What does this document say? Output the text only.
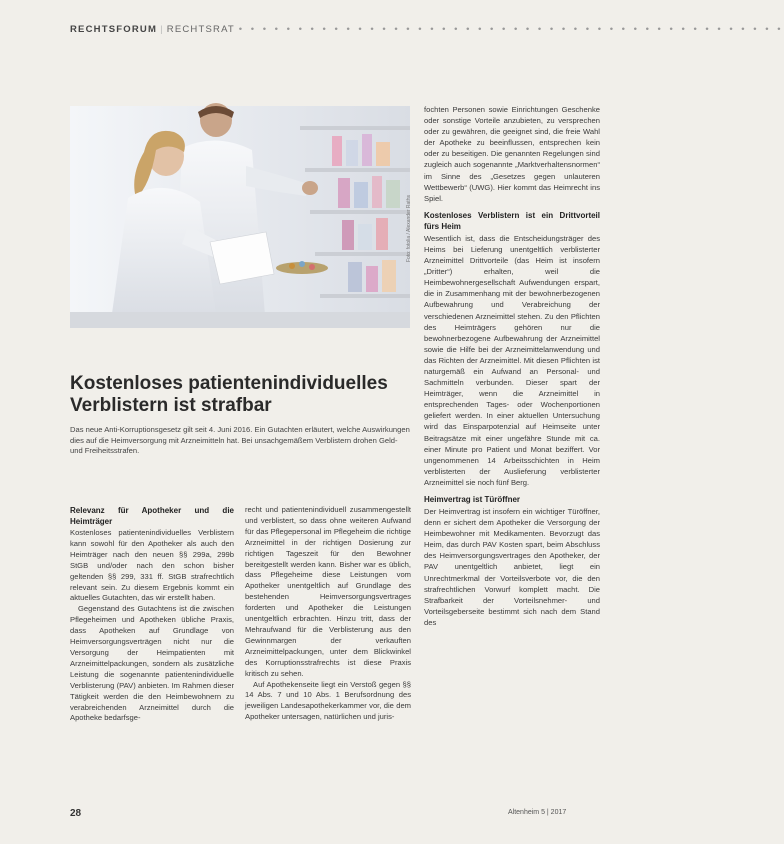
RECHTSFORUM | RECHTSRAT • • • • • • • • • • • • • • • • • • • • • • • • • • • • • • • • • • • • • • • • • • • • • •
Foto: fotolia / Alexander Raths

fochten Personen sowie Einrichtungen Geschenke oder sonstige Vorteile anzubieten, zu versprechen oder zu gewähren, die geeignet sind, die freie Wahl der Apotheke zu beeinflussen, entsprechen kein oder zu beseitigen. Die genannten Regelungen sind zugleich auch sogenannte „Marktverhaltensnormen“ im Sinne des „Gesetzes gegen unlauteren Wettbewerb“ (UWG). Hier kommt das Heimrecht ins Spiel.

Kostenloses Verblistern ist ein Drittvorteil fürs Heim

Wesentlich ist, dass die Entscheidungsträger des Heims bei Lieferung unentgeltlich verblisterter Arzneimittel Drittvorteile (das Heim ist insofern „Dritter“) erhalten, weil die Heimbewohnergesellschaft Aufwendungen erspart, die in Zusammenhang mit der bewohnerbezogenen Aufbewahrung und Verabreichung der verschiedenen Arzneimittel stehen. Zu den Pflichten des Heimträgers gehören nur die bewohnerbezogene Aufbewahrung der Arzneimittel sowie die Hilfe bei der Arzneimittelanwendung und das Richten der Arzneimittel. Mit diesen Pflichten ist naturgemäß ein Aufwand an Personal- und Sachmitteln verbunden. Dieser spart der Heimträger, wenn die Arzneimittel in entsprechenden Tages- oder Wochenportionen geliefert werden. In einer aktuellen Untersuchung wird das Einsparpotenzial auf Heimseite unter Beitragsätze mit einer ungefähre Stunde mit ca. einer Minute pro Patient und Monat beziffert. Vor ungenommenen 14 Arbeitsschichten in Heim verblisterten der Auslieferung verblisterter Arzneimittel sie noch fünf Berg.

Heimvertrag ist Türöffner

Der Heimvertrag ist insofern ein wichtiger Türöffner, denn er sichert dem Apotheker die Versorgung der Heimbewohner mit Medikamenten. Bevorzugt das Heim, das durch PAV Kosten spart, beim Abschluss des Heimversorgungsvertrages den Apotheker, der PAV unentgeltlich anbietet, liegt ein Unrechtmerkmal der Vorteilsverbote vor, die den strafrechtlichen Vorwurf komplett macht. Die Strafbarkeit der Vorteilsnehmer- und Vorteilsgeberseite bestimmt sich nach dem Stand des

Kostenloses patientenindividuelles Verblistern ist strafbar

Das neue Anti-Korruptionsgesetz gilt seit 4. Juni 2016. Ein Gutachten erläutert, welche Auswirkungen dies auf die Heimversorgung mit Arzneimitteln hat. Bei unsachgemäßem Verblistern drohen Geld- und Freiheitsstrafen.

Relevanz für Apotheker und die Heimträger

Kostenloses patientenindividuelles Verblistern kann sowohl für den Apotheker als auch den Heimträger nach den neuen §§ 299a, 299b StGB und/oder nach den schon bisher geltenden §§ 299, 331 ff. StGB strafrechtlich relevant sein. Zu diesem Ergebnis kommt ein aktuelles Gutachten, das wir erstellt haben.

Gegenstand des Gutachtens ist die zwischen Pflegeheimen und Apotheken übliche Praxis, dass Apotheken auf Grundlage von Heimversorgungsverträgen nicht nur die Versorgung der Heimpatienten mit Arzneimittelpackungen, sondern als zusätzliche Leistung die sogenannte patientenindividuelle Verblisterung (PAV) anbieten. Im Rahmen dieser Tätigkeit werden die den Heimbewohnern zu verabreichenden Arzneimittel durch die Apotheke bedarfsge-

recht und patientenindividuell zusammengestellt und verblistert, so dass ohne weiteren Aufwand für das Pflegepersonal im Pflegeheim die richtige Arzneimittel in der richtigen Dosierung zur richtigen Tageszeit für den Bewohner bereitgestellt werden kann. Bisher war es üblich, dass Pflegeheime diese Leistungen vom Apotheker unentgeltlich auf Grundlage des bestehenden Heimversorgungsvertrages forderten und Apotheker die Leistungen unentgeltlich erbrachten. Hinzu tritt, dass der Mehraufwand für die Verblisterung aus den Gewinnmargen der verkauften Arzneimittelpackungen, unter dem Blickwinkel des Korruptionsstrafrechts ist diese Praxis kritisch zu sehen.

Auf Apothekenseite liegt ein Verstoß gegen §§ 14 Abs. 7 und 10 Abs. 1 Berufsordnung des jeweiligen Landesapothekerkammer vor, die dem Apotheker untersagen, natürlichen und juris-

28	Altenheim 5 | 2017
